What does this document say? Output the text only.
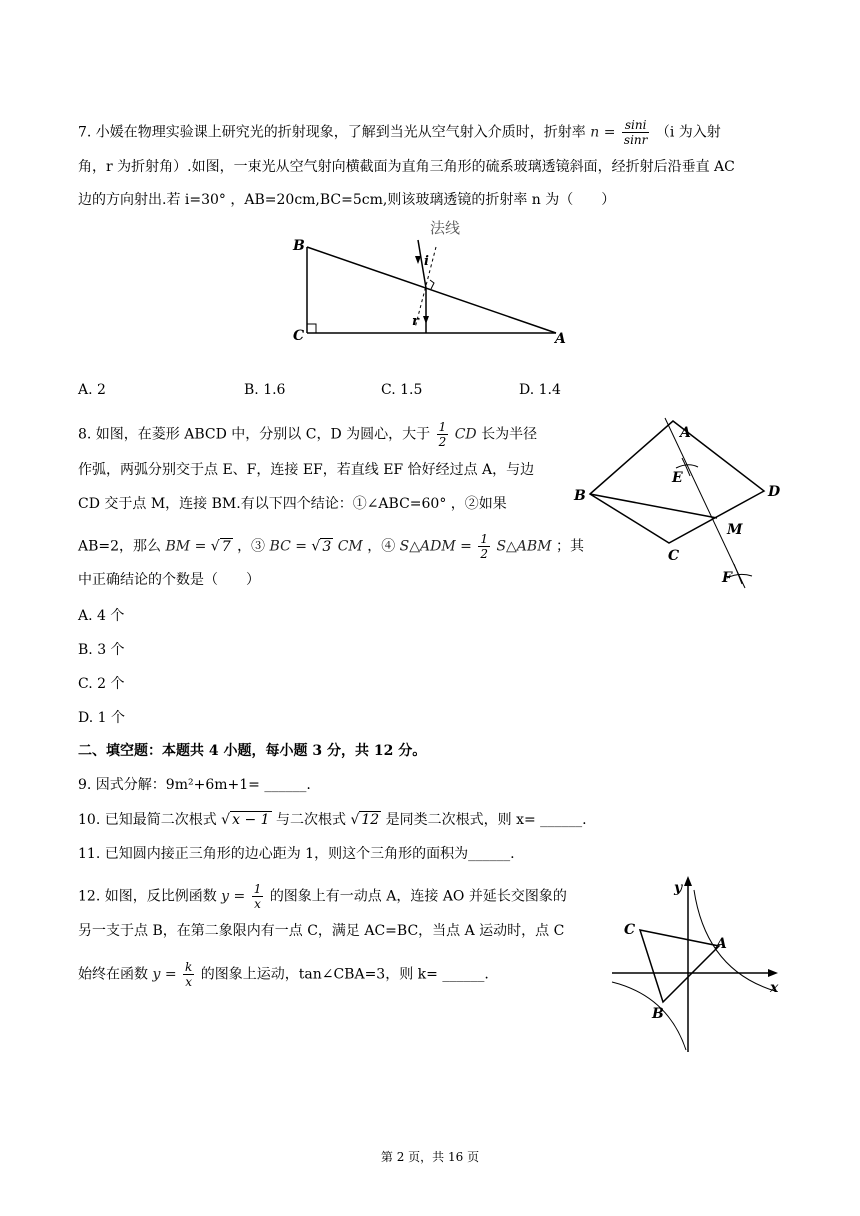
7. 小媛在物理实验课上研究光的折射现象，了解到当光从空气射入介质时，折射率 $n = \frac{\sin i}{\sin r} (i$ 为入射
角，r 为折射角）.如图，一束光从空气射向横截面为直角三角形的硫系玻璃透镜斜面，经折射后沿垂直 AC
边的方向射出.若 i=30° ，AB=20cm,BC=5cm,则该玻璃透镜的折射率 n 为（　　）
法线
B
C	A
i
r
A. 2	B. 1.6	C. 1.5	D. 1.4
8. 如图，在菱形 ABCD 中，分别以 C，D 为圆心，大于 $\frac{1}{2}$ CD 长为半径
作弧，两弧分别交于点 E、F，连接 EF，若直线 EF 恰好经过点 A，与边
CD 交于点 M，连接 BM.有以下四个结论：①∠ABC=60° ，②如果
AB=2，那么 BM = √ 7 ，③ BC = √ 3 CM ，④ S△ADM = $\frac{1}{2}$ S△ABM ；其
中正确结论的个数是（　　）
A
B
C
D
E
F
M
A. 4 个
B. 3 个
C. 2 个
D. 1 个
二、填空题：本题共 4 小题，每小题 3 分，共 12 分。
9. 因式分解：9m²+6m+1= ______.
10. 已知最简二次根式 √ x − 1 与二次根式 √ 12 是同类二次根式，则 x= ______.
11. 已知圆内接正三角形的边心距为 1，则这个三角形的面积为______.
12. 如图，反比例函数 $y = \frac{1}{x}$ 的图象上有一动点 A，连接 AO 并延长交图象的
另一支于点 B，在第二象限内有一点 C，满足 AC=BC，当点 A 运动时，点 C
始终在函数 $y = \frac{k}{x}$ 的图象上运动，tan∠CBA=3，则 k= ______.
y
x
A
B
C
第 2 页，共 16 页
